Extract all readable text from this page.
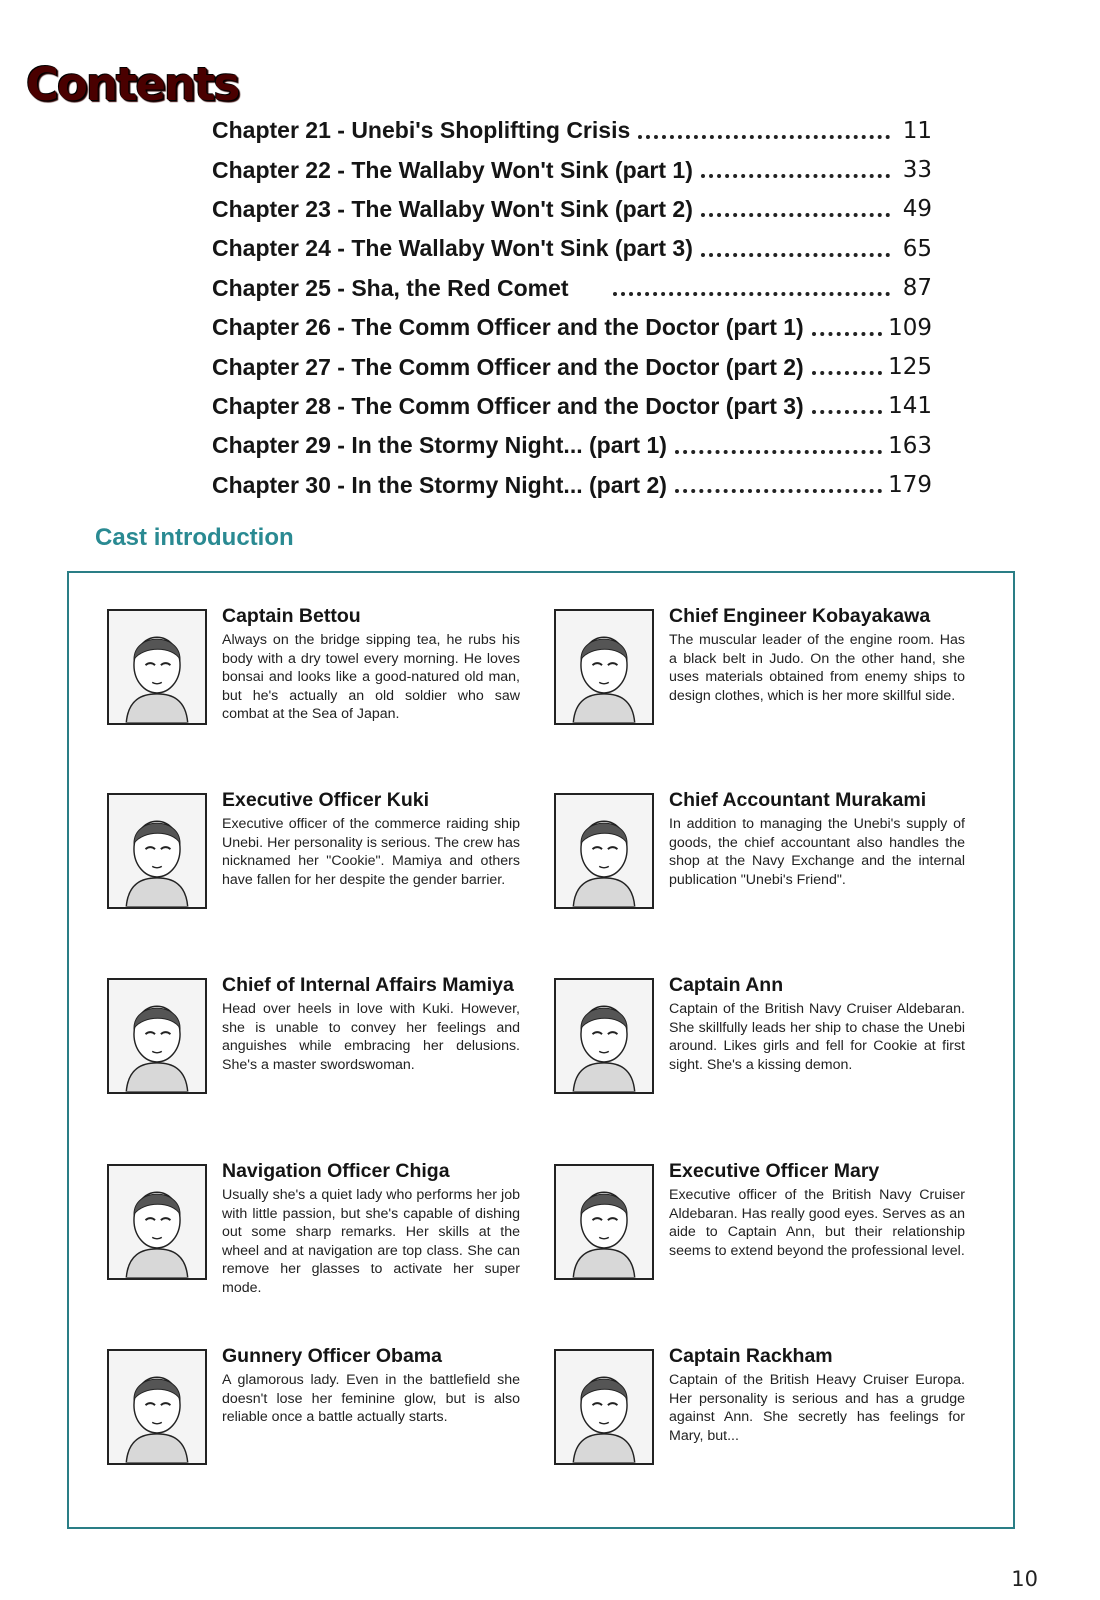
Contents
Chapter 21 - Unebi's Shoplifting Crisis	11
Chapter 22 - The Wallaby Won't Sink (part 1)	33
Chapter 23 - The Wallaby Won't Sink (part 2)	49
Chapter 24 - The Wallaby Won't Sink (part 3)	65
Chapter 25 - Sha, the Red Comet	87
Chapter 26 - The Comm Officer and the Doctor (part 1)	109
Chapter 27 - The Comm Officer and the Doctor (part 2)	125
Chapter 28 - The Comm Officer and the Doctor (part 3)	141
Chapter 29 - In the Stormy Night... (part 1)	163
Chapter 30 - In the Stormy Night... (part 2)	179
Cast introduction
Captain Bettou

Always on the bridge sipping tea, he rubs his body with a dry towel every morning. He loves bonsai and looks like a good-natured old man, but he's actually an old soldier who saw combat at the Sea of Japan.

Chief Engineer Kobayakawa

The muscular leader of the engine room. Has a black belt in Judo. On the other hand, she uses materials obtained from enemy ships to design clothes, which is her more skillful side.

Executive Officer Kuki

Executive officer of the commerce raiding ship Unebi. Her personality is serious. The crew has nicknamed her "Cookie". Mamiya and others have fallen for her despite the gender barrier.

Chief Accountant Murakami

In addition to managing the Unebi's supply of goods, the chief accountant also handles the shop at the Navy Exchange and the internal publication "Unebi's Friend".

Chief of Internal Affairs Mamiya

Head over heels in love with Kuki. However, she is unable to convey her feelings and anguishes while embracing her delusions. She's a master swordswoman.

Captain Ann

Captain of the British Navy Cruiser Aldebaran. She skillfully leads her ship to chase the Unebi around. Likes girls and fell for Cookie at first sight. She's a kissing demon.

Navigation Officer Chiga

Usually she's a quiet lady who performs her job with little passion, but she's capable of dishing out some sharp remarks. Her skills at the wheel and at navigation are top class. She can remove her glasses to activate her super mode.

Executive Officer Mary

Executive officer of the British Navy Cruiser Aldebaran. Has really good eyes. Serves as an aide to Captain Ann, but their relationship seems to extend beyond the professional level.

Gunnery Officer Obama

A glamorous lady. Even in the battlefield she doesn't lose her feminine glow, but is also reliable once a battle actually starts.

Captain Rackham

Captain of the British Heavy Cruiser Europa. Her personality is serious and has a grudge against Ann. She secretly has feelings for Mary, but...

10
